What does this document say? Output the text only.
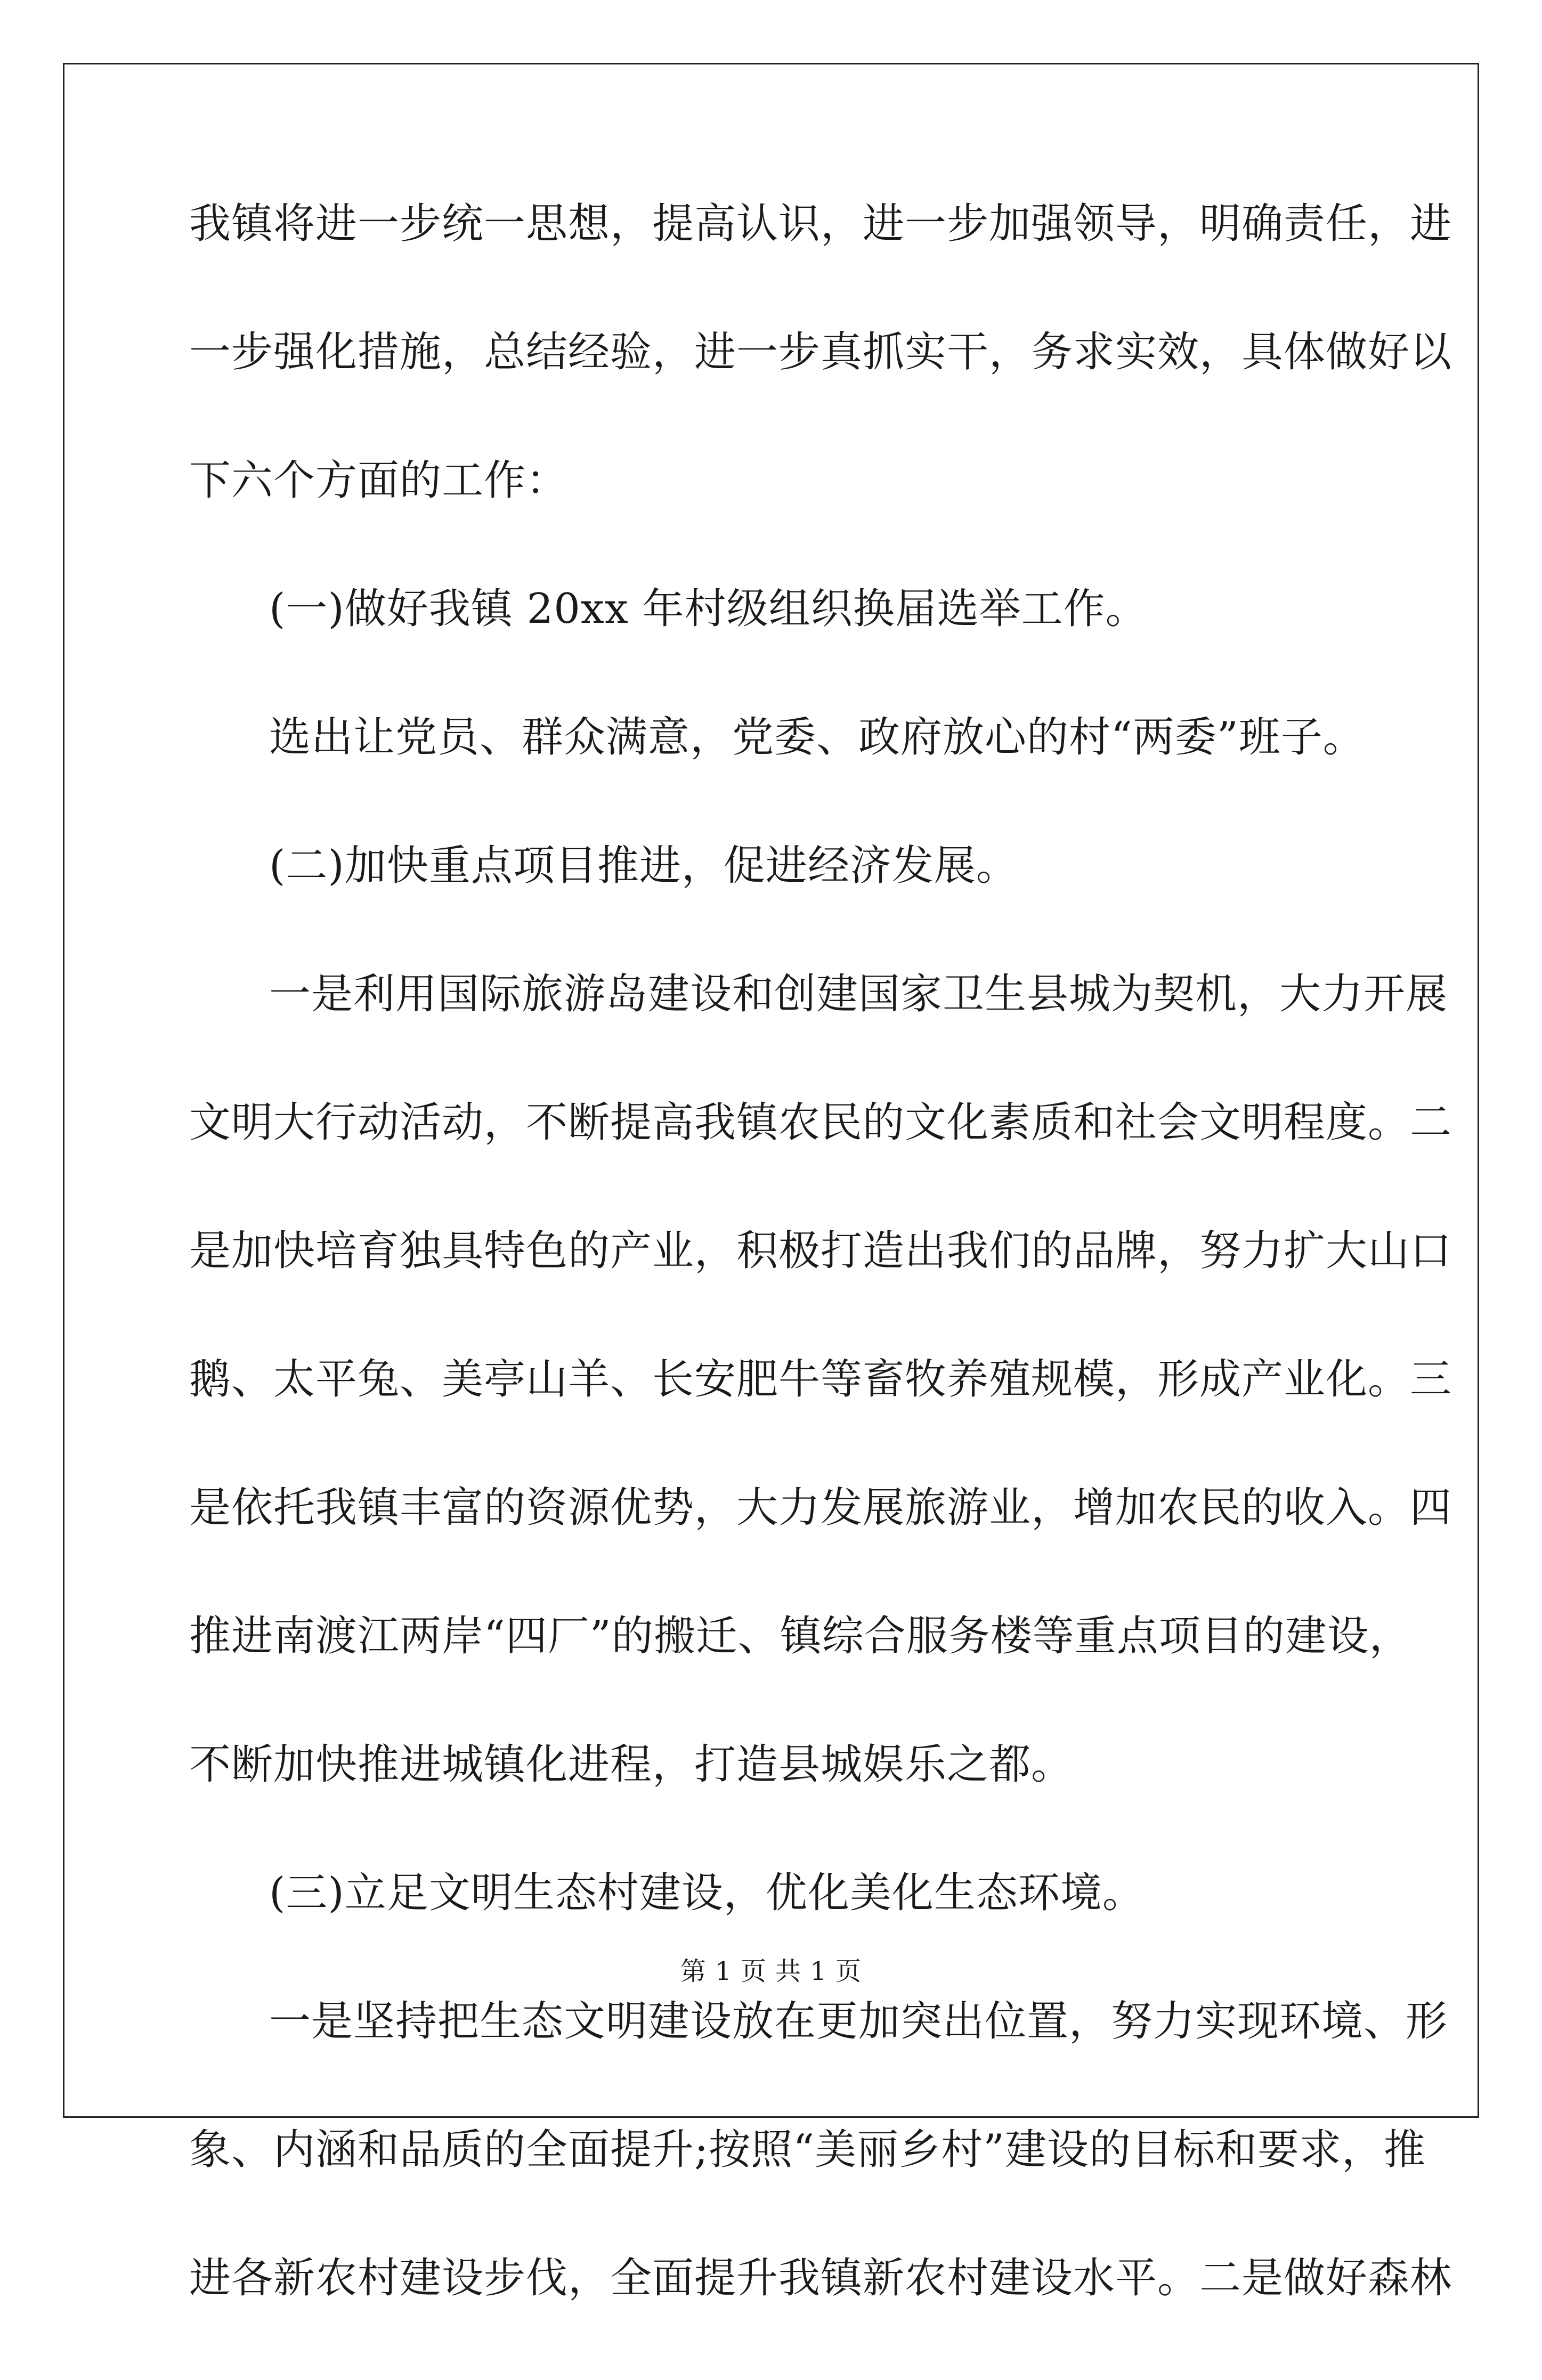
我镇将进一步统一思想，提高认识，进一步加强领导，明确责任，进
一步强化措施，总结经验，进一步真抓实干，务求实效，具体做好以
下六个方面的工作：
(一)做好我镇 20xx 年村级组织换届选举工作。
选出让党员、群众满意，党委、政府放心的村“两委”班子。
(二)加快重点项目推进，促进经济发展。
一是利用国际旅游岛建设和创建国家卫生县城为契机，大力开展
文明大行动活动，不断提高我镇农民的文化素质和社会文明程度。二
是加快培育独具特色的产业，积极打造出我们的品牌，努力扩大山口
鹅、太平兔、美亭山羊、长安肥牛等畜牧养殖规模，形成产业化。三
是依托我镇丰富的资源优势，大力发展旅游业，增加农民的收入。四
推进南渡江两岸“四厂”的搬迁、镇综合服务楼等重点项目的建设，
不断加快推进城镇化进程，打造县城娱乐之都。
(三)立足文明生态村建设，优化美化生态环境。
一是坚持把生态文明建设放在更加突出位置，努力实现环境、形
象、内涵和品质的全面提升;按照“美丽乡村”建设的目标和要求，推
进各新农村建设步伐，全面提升我镇新农村建设水平。二是做好森林
第 1 页 共 1 页
